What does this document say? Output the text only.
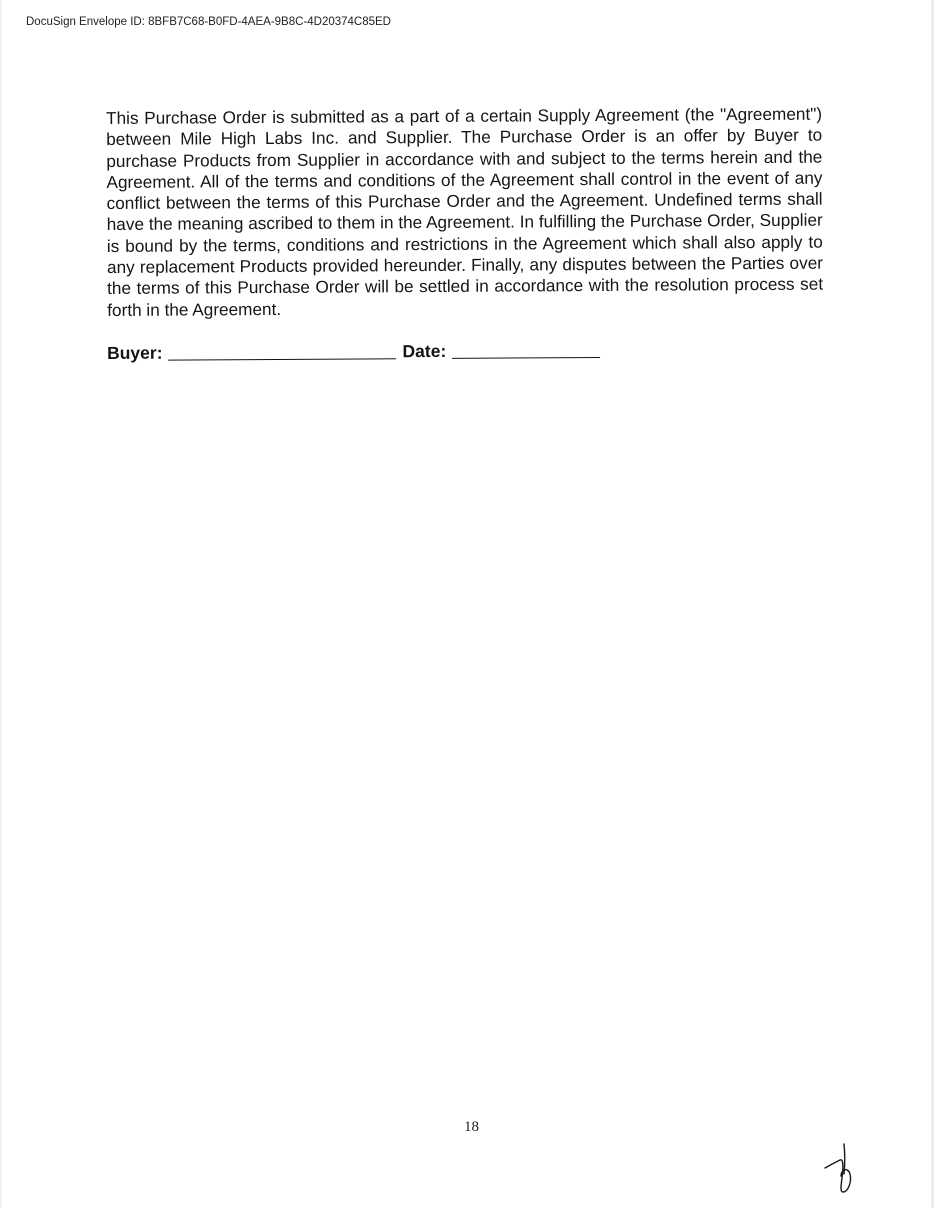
DocuSign Envelope ID: 8BFB7C68-B0FD-4AEA-9B8C-4D20374C85ED
This Purchase Order is submitted as a part of a certain Supply Agreement (the "Agreement") between Mile High Labs Inc. and Supplier. The Purchase Order is an offer by Buyer to purchase Products from Supplier in accordance with and subject to the terms herein and the Agreement. All of the terms and conditions of the Agreement shall control in the event of any conflict between the terms of this Purchase Order and the Agreement. Undefined terms shall have the meaning ascribed to them in the Agreement. In fulfilling the Purchase Order, Supplier is bound by the terms, conditions and restrictions in the Agreement which shall also apply to any replacement Products provided hereunder. Finally, any disputes between the Parties over the terms of this Purchase Order will be settled in accordance with the resolution process set forth in the Agreement.
Buyer:	Date:
18
